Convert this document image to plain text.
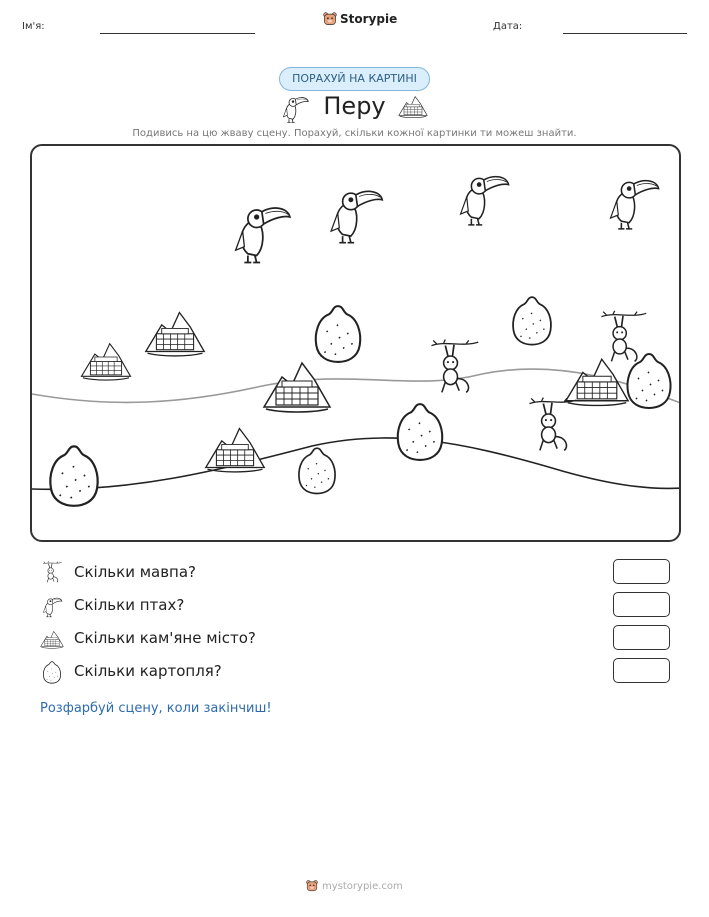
Ім'я:
Storypie
Дата:
ПОРАХУЙ НА КАРТИНІ
Перу
Подивись на цю жваву сцену. Порахуй, скільки кожної картинки ти можеш знайти.
Скільки мавпа?
Скільки птах?
Скільки кам'яне місто?
Скільки картопля?
Розфарбуй сцену, коли закінчиш!
mystorypie.com
